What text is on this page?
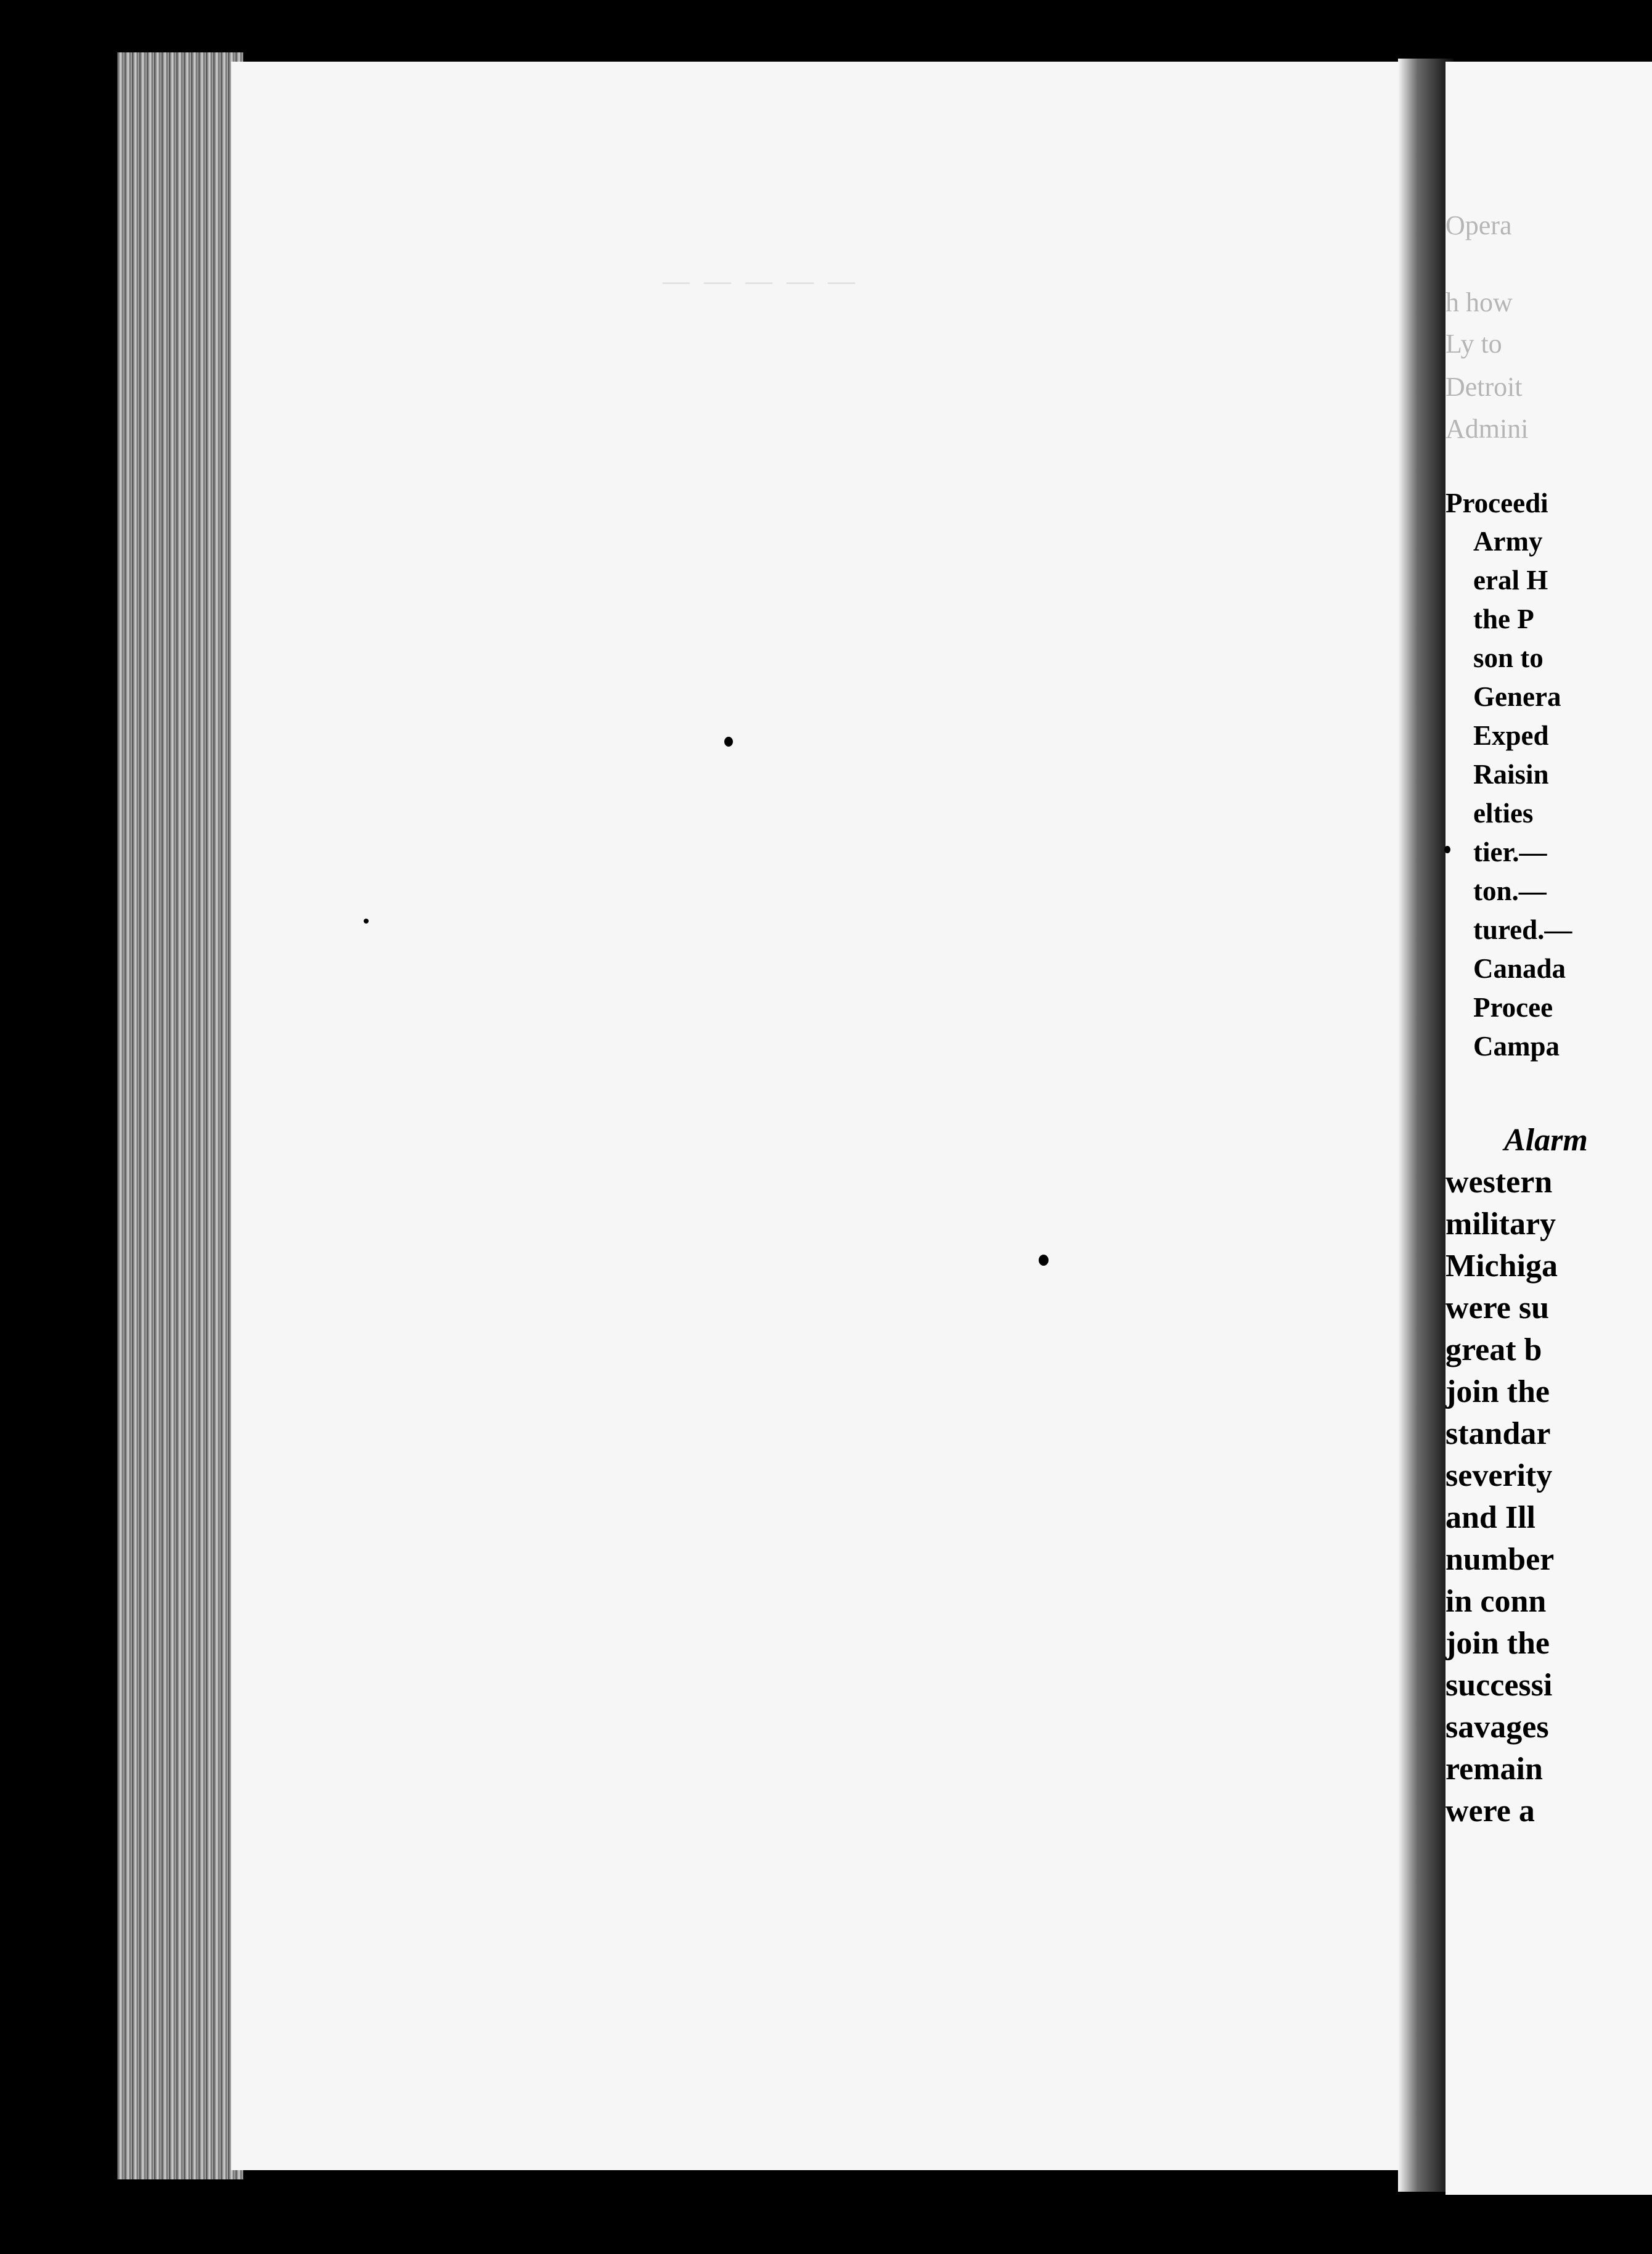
— — — — —
Opera
h how
Ly to
Detroit
Admini
Proceedi
Army
eral H
the P
son to
Genera
Exped
Raisin
elties
tier.—
ton.—
tured.—
Canada
Procee
Campa
Alarm
western
military
Michiga
were su
great b
join the
standar
severity
and Ill
number
in conn
join the
successi
savages
remain
were a
